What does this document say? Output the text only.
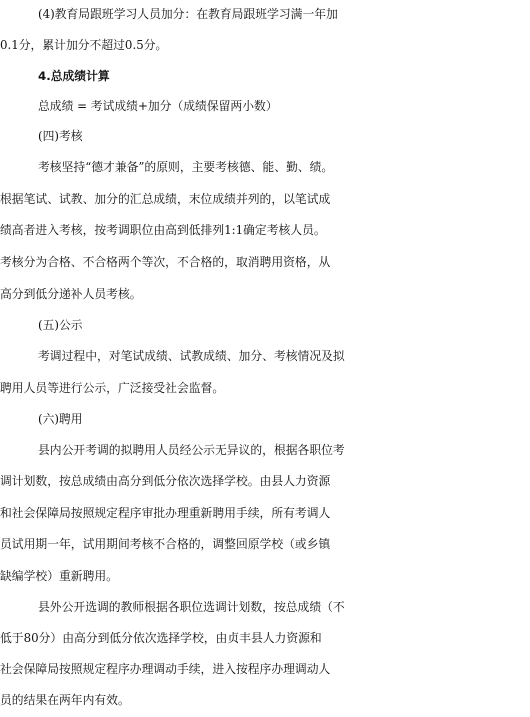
(4)教育局跟班学习人员加分：在教育局跟班学习满一年加
0.1分，累计加分不超过0.5分。
4.总成绩计算
总成绩 = 考试成绩+加分（成绩保留两小数）
(四)考核
考核坚持“德才兼备”的原则，主要考核德、能、勤、绩。
根据笔试、试教、加分的汇总成绩，末位成绩并列的，以笔试成
绩高者进入考核，按考调职位由高到低排列1:1确定考核人员。
考核分为合格、不合格两个等次，不合格的，取消聘用资格，从
高分到低分递补人员考核。
(五)公示
考调过程中，对笔试成绩、试教成绩、加分、考核情况及拟
聘用人员等进行公示，广泛接受社会监督。
(六)聘用
县内公开考调的拟聘用人员经公示无异议的，根据各职位考
调计划数，按总成绩由高分到低分依次选择学校。由县人力资源
和社会保障局按照规定程序审批办理重新聘用手续，所有考调人
员试用期一年，试用期间考核不合格的，调整回原学校（或乡镇
缺编学校）重新聘用。
县外公开选调的教师根据各职位选调计划数，按总成绩（不
低于80分）由高分到低分依次选择学校，由贞丰县人力资源和
社会保障局按照规定程序办理调动手续，进入按程序办理调动人
员的结果在两年内有效。
